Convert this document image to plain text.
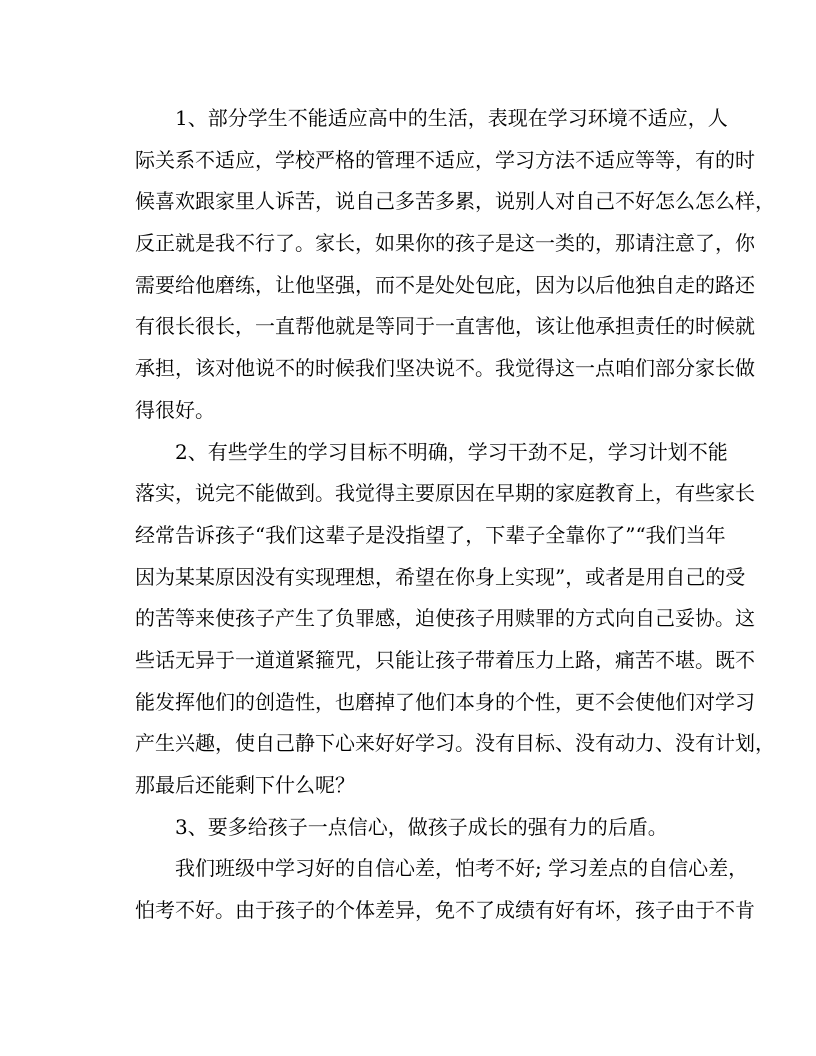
1、部分学生不能适应高中的生活，表现在学习环境不适应，人
际关系不适应，学校严格的管理不适应，学习方法不适应等等，有的时
候喜欢跟家里人诉苦，说自己多苦多累，说别人对自己不好怎么怎么样，
反正就是我不行了。家长，如果你的孩子是这一类的，那请注意了，你
需要给他磨练，让他坚强，而不是处处包庇，因为以后他独自走的路还
有很长很长，一直帮他就是等同于一直害他，该让他承担责任的时候就
承担，该对他说不的时候我们坚决说不。我觉得这一点咱们部分家长做
得很好。
2、有些学生的学习目标不明确，学习干劲不足，学习计划不能
落实，说完不能做到。我觉得主要原因在早期的家庭教育上，有些家长
经常告诉孩子“我们这辈子是没指望了，下辈子全靠你了”“我们当年
因为某某原因没有实现理想，希望在你身上实现”，或者是用自己的受
的苦等来使孩子产生了负罪感，迫使孩子用赎罪的方式向自己妥协。这
些话无异于一道道紧箍咒，只能让孩子带着压力上路，痛苦不堪。既不
能发挥他们的创造性，也磨掉了他们本身的个性，更不会使他们对学习
产生兴趣，使自己静下心来好好学习。没有目标、没有动力、没有计划，
那最后还能剩下什么呢？
3、要多给孩子一点信心，做孩子成长的强有力的后盾。
我们班级中学习好的自信心差，怕考不好; 学习差点的自信心差，
怕考不好。由于孩子的个体差异，免不了成绩有好有坏，孩子由于不肯
